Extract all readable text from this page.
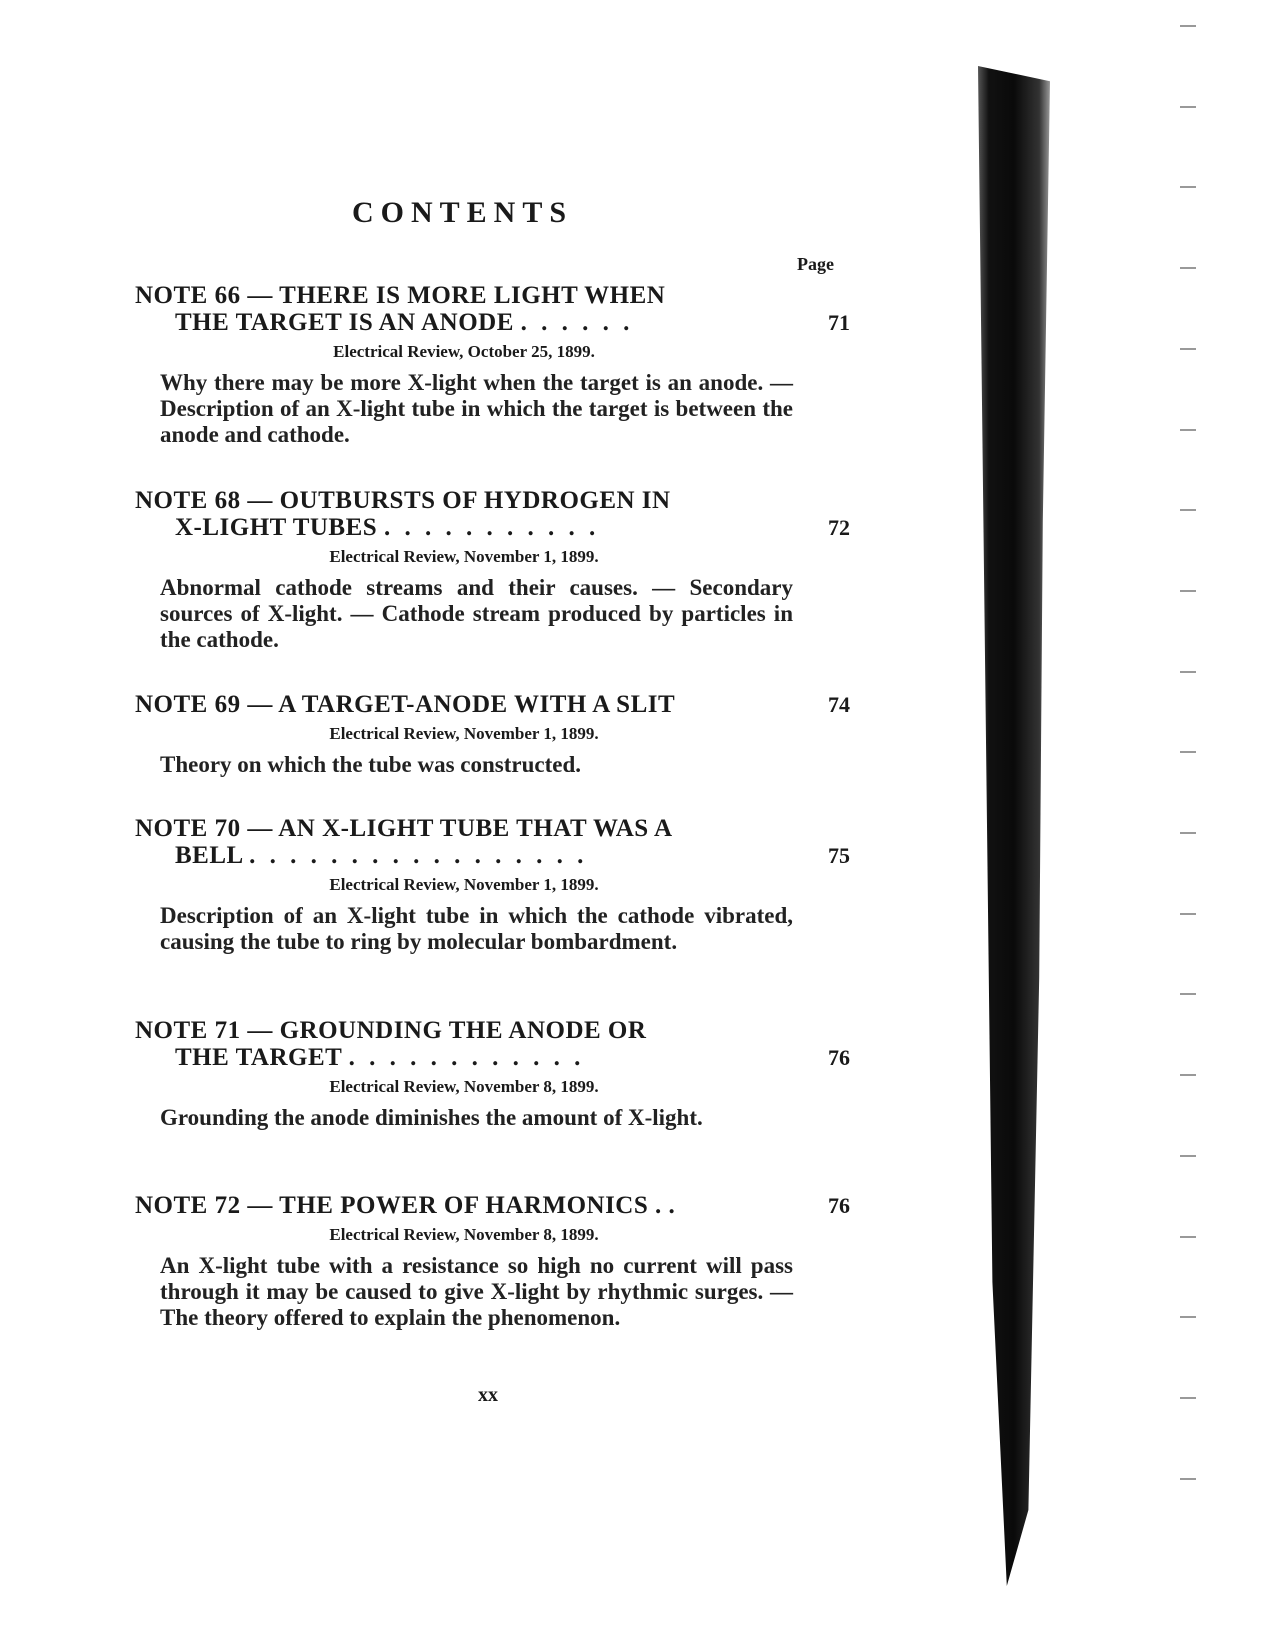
CONTENTS
Page
NOTE 66 — THERE IS MORE LIGHT WHEN
THE TARGET IS AN ANODE . . . . . .	71
Electrical Review, October 25, 1899.
Why there may be more X-light when the target is an anode. — Description of an X-light tube in which the target is between the anode and cathode.
NOTE 68 — OUTBURSTS OF HYDROGEN IN
X-LIGHT TUBES . . . . . . . . . . .	72
Electrical Review, November 1, 1899.
Abnormal cathode streams and their causes. — Secondary sources of X-light. — Cathode stream produced by particles in the cathode.
NOTE 69 — A TARGET-ANODE WITH A SLIT	74
Electrical Review, November 1, 1899.
Theory on which the tube was constructed.
NOTE 70 — AN X-LIGHT TUBE THAT WAS A
BELL . . . . . . . . . . . . . . . . .	75
Electrical Review, November 1, 1899.
Description of an X-light tube in which the cathode vibrated, causing the tube to ring by molecular bombardment.
NOTE 71 — GROUNDING THE ANODE OR
THE TARGET . . . . . . . . . . . .	76
Electrical Review, November 8, 1899.
Grounding the anode diminishes the amount of X-light.
NOTE 72 — THE POWER OF HARMONICS . .	76
Electrical Review, November 8, 1899.
An X-light tube with a resistance so high no current will pass through it may be caused to give X-light by rhythmic surges. — The theory offered to explain the phenomenon.
xx
